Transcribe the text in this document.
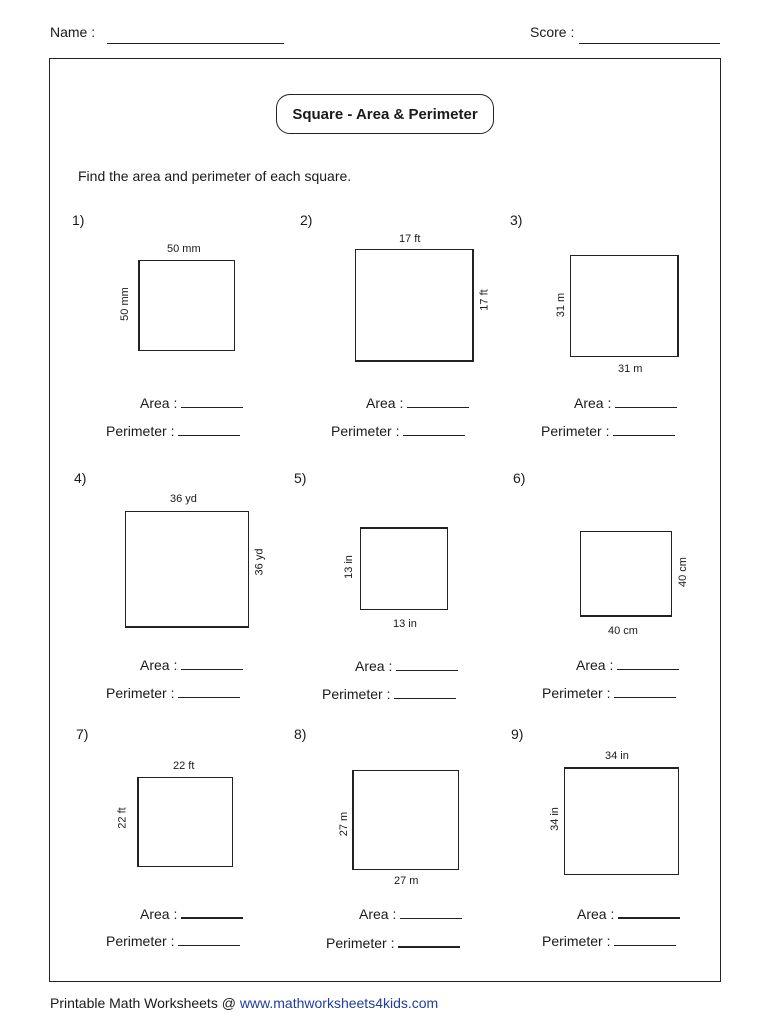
Name :	Score :
Square - Area & Perimeter
Find the area and perimeter of each square.
1)
50 mm
50 mm
Area :
Perimeter :
2)
17 ft
17 ft
Area :
Perimeter :
3)
31 m
31 m
Area :
Perimeter :
4)
36 yd
36 yd
Area :
Perimeter :
5)
13 in
13 in
Area :
Perimeter :
6)
40 cm
40 cm
Area :
Perimeter :
7)
22 ft
22 ft
Area :
Perimeter :
8)
27 m
27 m
Area :
Perimeter :
9)
34 in
34 in
Area :
Perimeter :
Printable Math Worksheets @ www.mathworksheets4kids.com
